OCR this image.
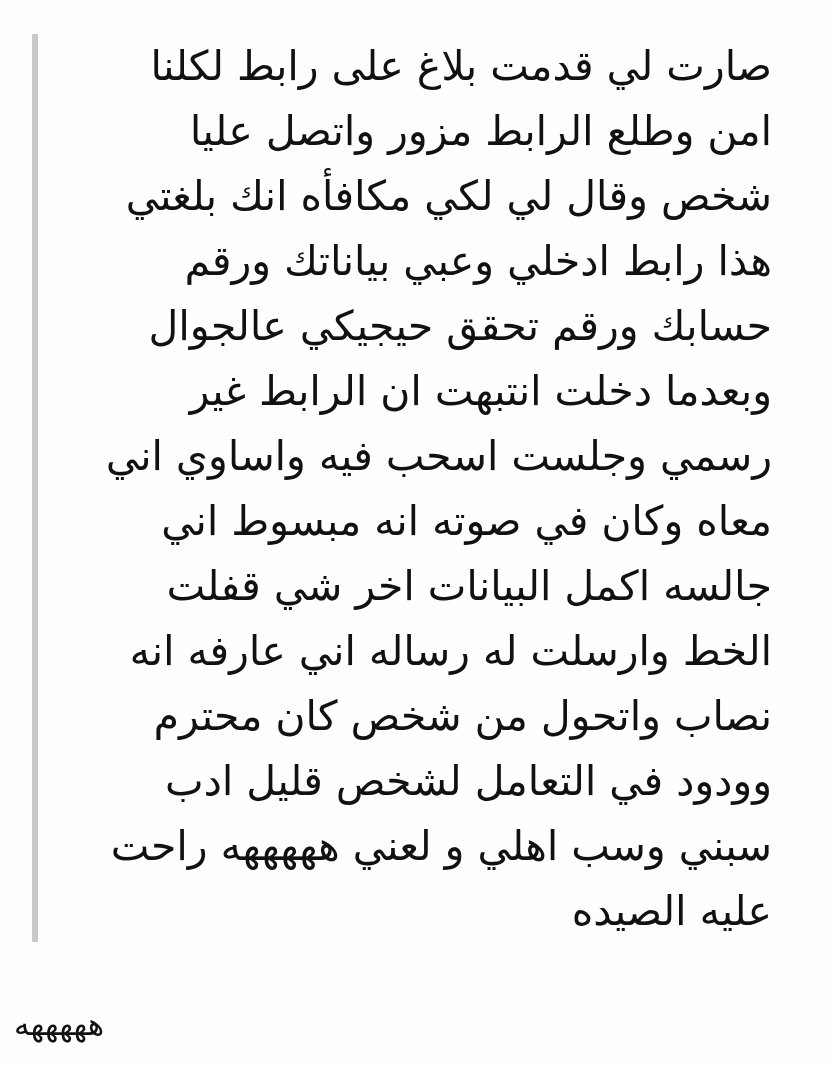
صارت لي قدمت بلاغ على رابط لكلنا
امن وطلع الرابط مزور واتصل عليا
شخص وقال لي لكي مكافأه انك بلغتي
هذا رابط ادخلي وعبي بياناتك ورقم
حسابك ورقم تحقق حيجيكي عالجوال
وبعدما دخلت انتبهت ان الرابط غير
رسمي وجلست اسحب فيه واساوي اني
معاه وكان في صوته انه مبسوط اني
جالسه اكمل البيانات اخر شي قفلت
الخط وارسلت له رساله اني عارفه انه
نصاب واتحول من شخص كان محترم
وودود في التعامل لشخص قليل ادب
سبني وسب اهلي و لعني هههههه راحت
عليه الصيده
هههههه
